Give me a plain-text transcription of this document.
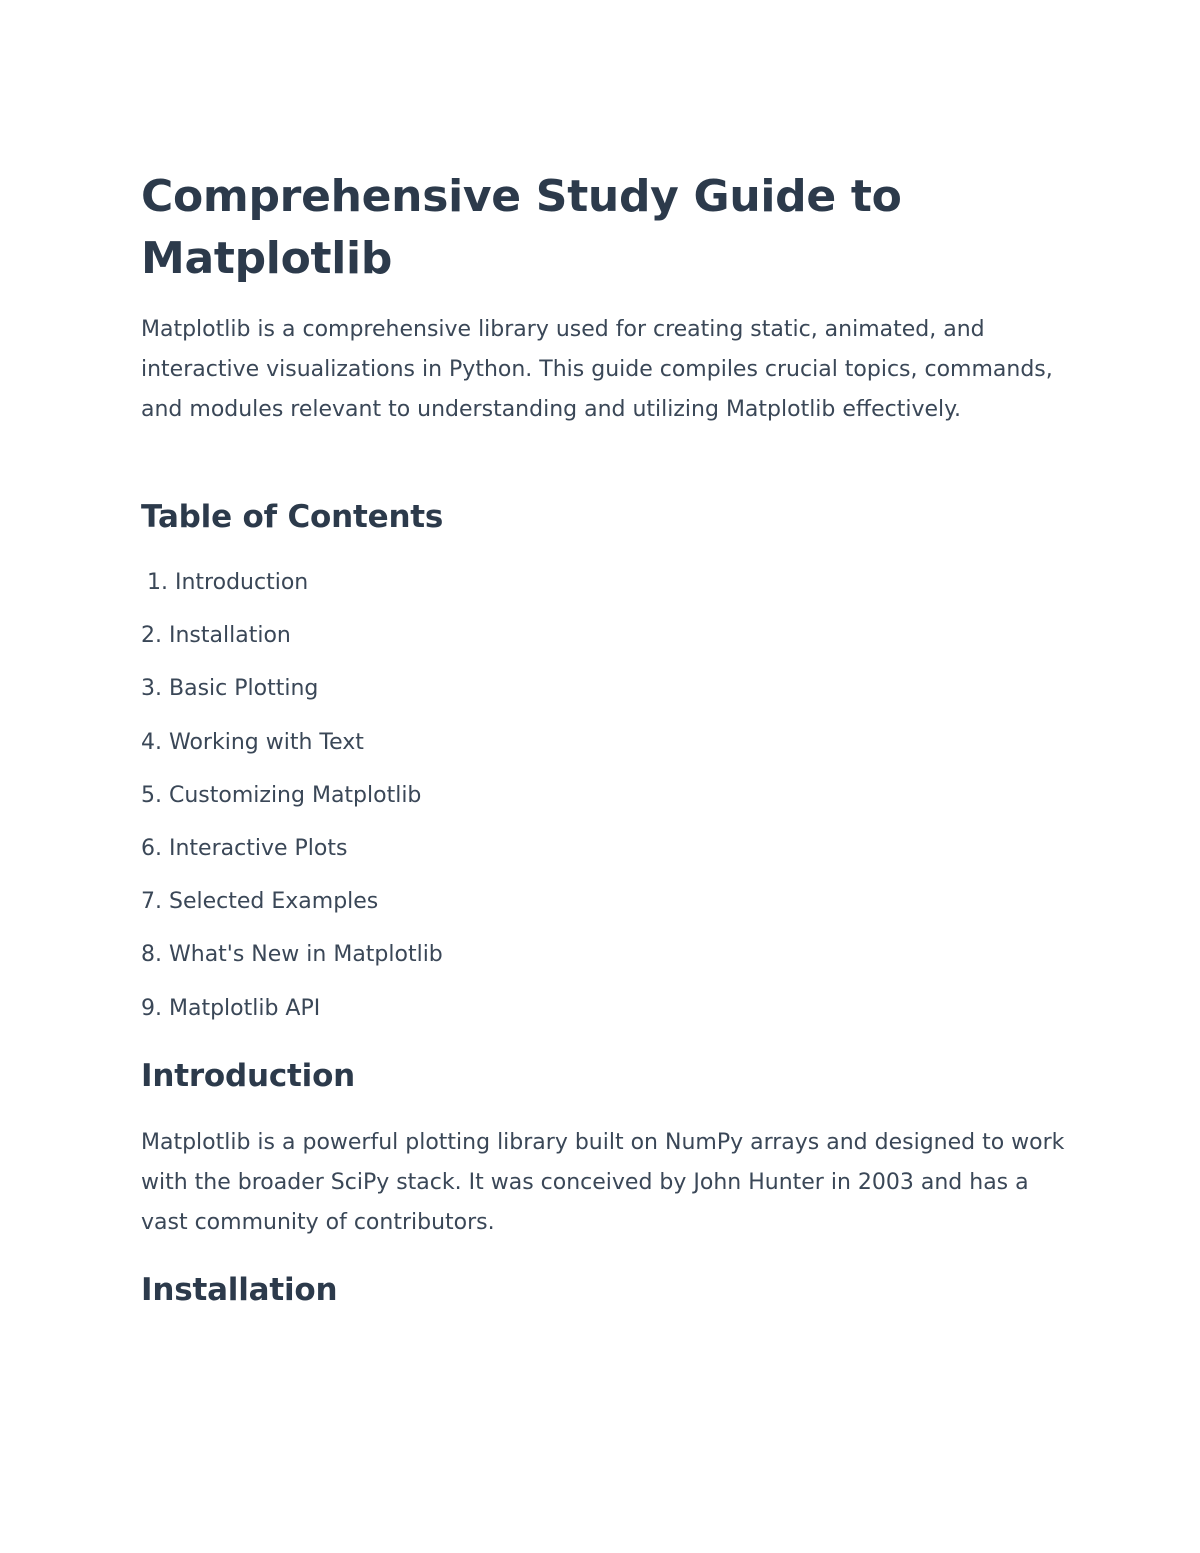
Comprehensive Study Guide to Matplotlib

Matplotlib is a comprehensive library used for creating static, animated, and interactive visualizations in Python. This guide compiles crucial topics, commands, and modules relevant to understanding and utilizing Matplotlib effectively.

Table of Contents
1. Introduction
2. Installation
3. Basic Plotting
4. Working with Text
5. Customizing Matplotlib
6. Interactive Plots
7. Selected Examples
8. What's New in Matplotlib
9. Matplotlib API
Introduction

Matplotlib is a powerful plotting library built on NumPy arrays and designed to work with the broader SciPy stack. It was conceived by John Hunter in 2003 and has a vast community of contributors.

Installation
